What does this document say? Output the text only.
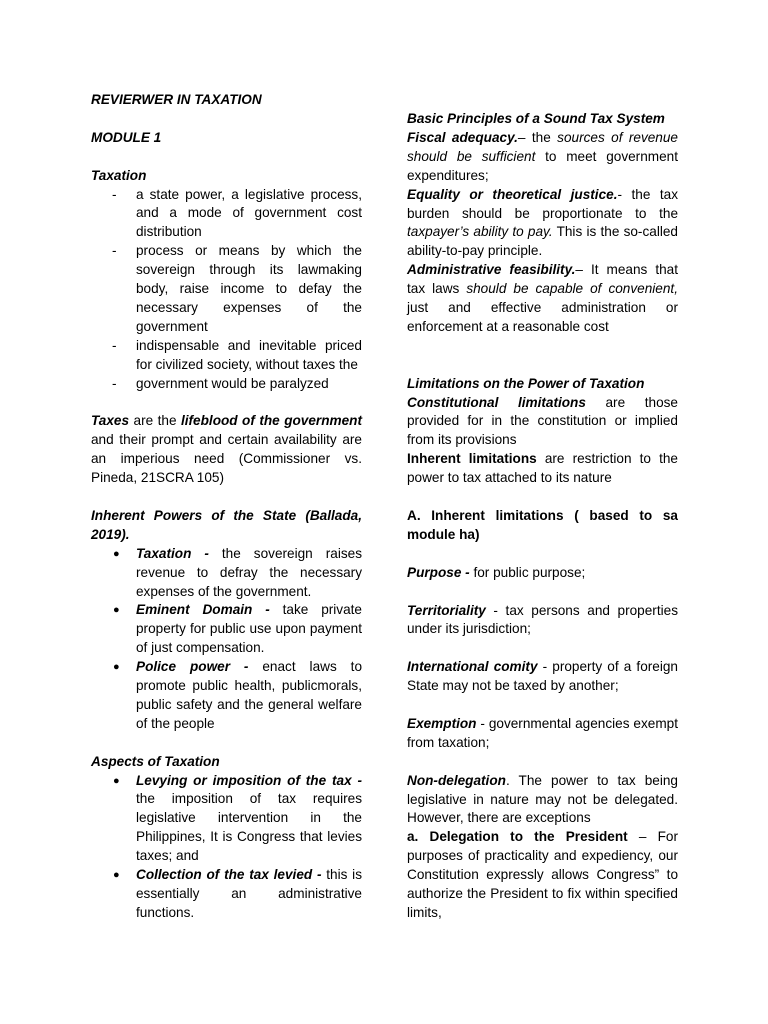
REVIERWER IN TAXATION

MODULE 1

Taxation

- a state power, a legislative process, and a mode of government cost distribution
- process or means by which the sovereign through its lawmaking body, raise income to defay the necessary expenses of the government
- indispensable and inevitable priced for civilized society, without taxes the
- government would be paralyzed

Taxes are the lifeblood of the government and their prompt and certain availability are an imperious need (Commissioner vs. Pineda, 21SCRA 105)

Inherent Powers of the State (Ballada, 2019).

● Taxation - the sovereign raises revenue to defray the necessary expenses of the government.
● Eminent Domain - take private property for public use upon payment of just compensation.
● Police power - enact laws to promote public health, publicmorals, public safety and the general welfare of the people

Aspects of Taxation

● Levying or imposition of the tax - the imposition of tax requires legislative intervention in the Philippines, It is Congress that levies taxes; and
● Collection of the tax levied - this is essentially an administrative functions.

Basic Principles of a Sound Tax System

Fiscal adequacy.– the sources of revenue should be sufficient to meet government expenditures;

Equality or theoretical justice.- the tax burden should be proportionate to the taxpayer’s ability to pay. This is the so-called ability-to-pay principle.

Administrative feasibility.– It means that tax laws should be capable of convenient, just and effective administration or enforcement at a reasonable cost

Limitations on the Power of Taxation

Constitutional limitations are those provided for in the constitution or implied from its provisions

Inherent limitations are restriction to the power to tax attached to its nature

A. Inherent limitations ( based to sa module ha)

Purpose - for public purpose;

Territoriality - tax persons and properties under its jurisdiction;

International comity - property of a foreign State may not be taxed by another;

Exemption - governmental agencies exempt from taxation;

Non-delegation. The power to tax being legislative in nature may not be delegated. However, there are exceptions

a. Delegation to the President – For purposes of practicality and expediency, our Constitution expressly allows Congress” to authorize the President to fix within specified limits,
